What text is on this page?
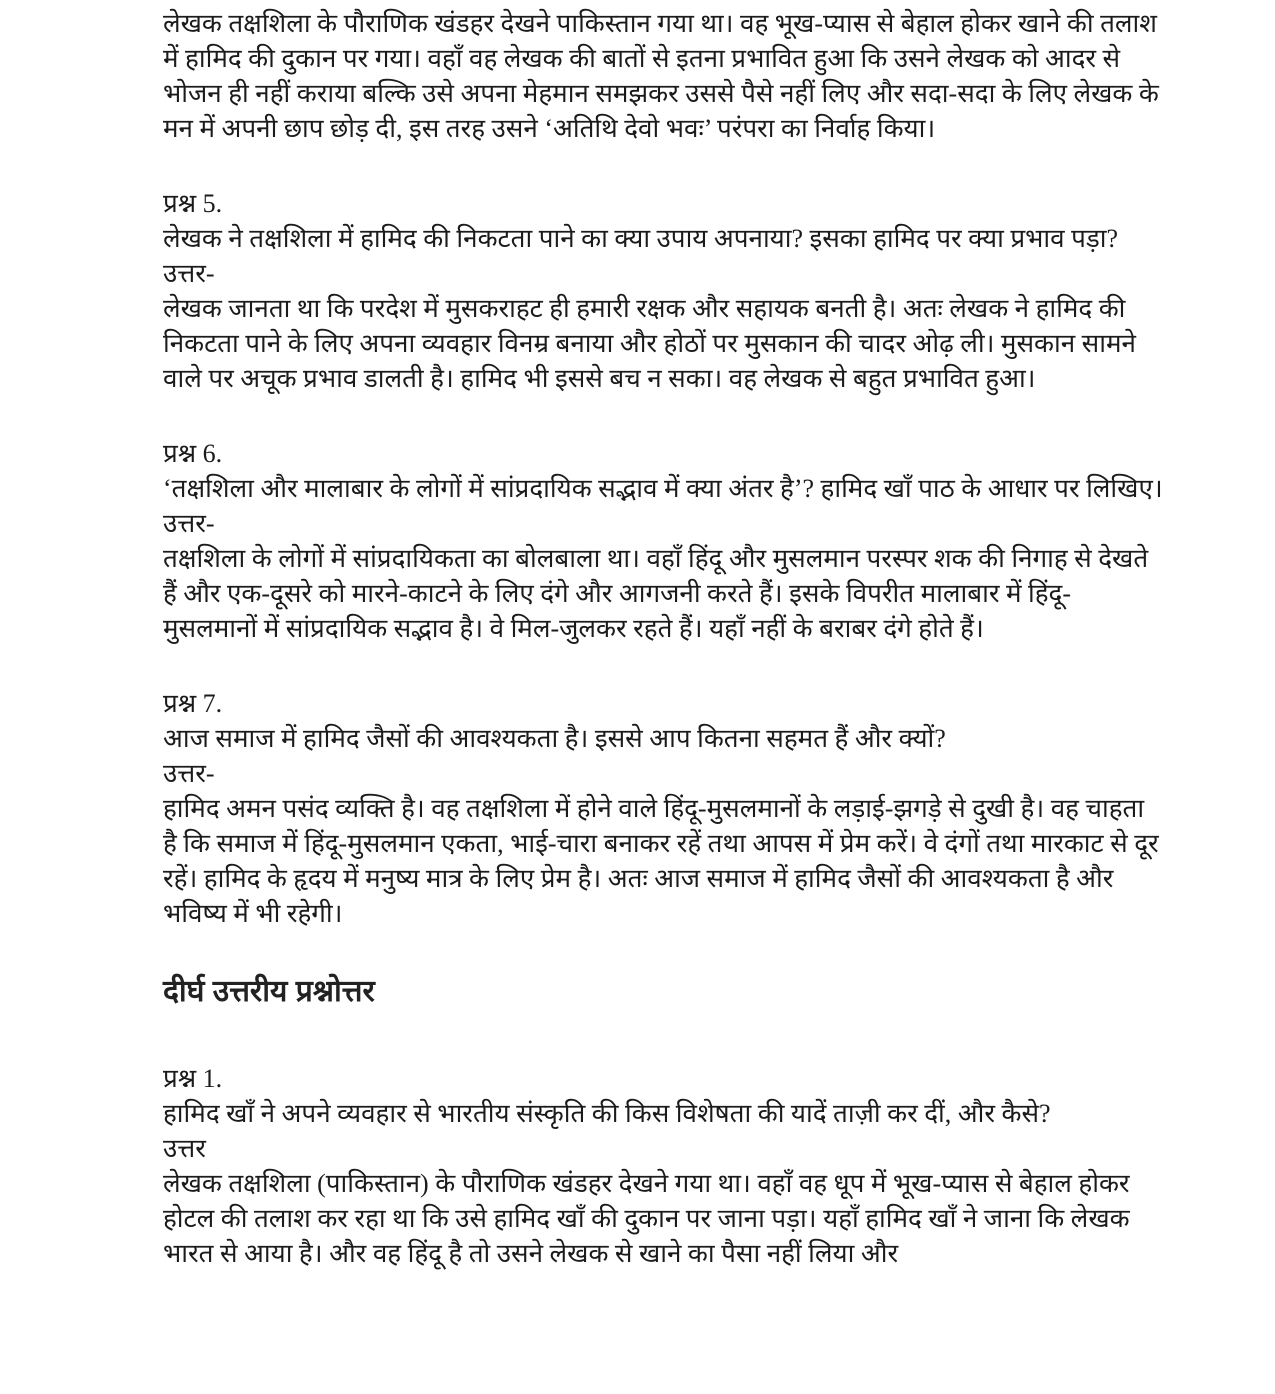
लेखक तक्षशिला के पौराणिक खंडहर देखने पाकिस्तान गया था। वह भूख-प्यास से बेहाल होकर खाने की तलाश में हामिद की दुकान पर गया। वहाँ वह लेखक की बातों से इतना प्रभावित हुआ कि उसने लेखक को आदर से भोजन ही नहीं कराया बल्कि उसे अपना मेहमान समझकर उससे पैसे नहीं लिए और सदा-सदा के लिए लेखक के मन में अपनी छाप छोड़ दी, इस तरह उसने ‘अतिथि देवो भवः’ परंपरा का निर्वाह किया।

प्रश्न 5.
लेखक ने तक्षशिला में हामिद की निकटता पाने का क्या उपाय अपनाया? इसका हामिद पर क्या प्रभाव पड़ा?
उत्तर-
लेखक जानता था कि परदेश में मुसकराहट ही हमारी रक्षक और सहायक बनती है। अतः लेखक ने हामिद की निकटता पाने के लिए अपना व्यवहार विनम्र बनाया और होठों पर मुसकान की चादर ओढ़ ली। मुसकान सामने वाले पर अचूक प्रभाव डालती है। हामिद भी इससे बच न सका। वह लेखक से बहुत प्रभावित हुआ।

प्रश्न 6.
‘तक्षशिला और मालाबार के लोगों में सांप्रदायिक सद्भाव में क्या अंतर है’? हामिद खाँ पाठ के आधार पर लिखिए।
उत्तर-
तक्षशिला के लोगों में सांप्रदायिकता का बोलबाला था। वहाँ हिंदू और मुसलमान परस्पर शक की निगाह से देखते हैं और एक-दूसरे को मारने-काटने के लिए दंगे और आगजनी करते हैं। इसके विपरीत मालाबार में हिंदू-मुसलमानों में सांप्रदायिक सद्भाव है। वे मिल-जुलकर रहते हैं। यहाँ नहीं के बराबर दंगे होते हैं।

प्रश्न 7.
आज समाज में हामिद जैसों की आवश्यकता है। इससे आप कितना सहमत हैं और क्यों?
उत्तर-
हामिद अमन पसंद व्यक्ति है। वह तक्षशिला में होने वाले हिंदू-मुसलमानों के लड़ाई-झगड़े से दुखी है। वह चाहता है कि समाज में हिंदू-मुसलमान एकता, भाई-चारा बनाकर रहें तथा आपस में प्रेम करें। वे दंगों तथा मारकाट से दूर रहें। हामिद के हृदय में मनुष्य मात्र के लिए प्रेम है। अतः आज समाज में हामिद जैसों की आवश्यकता है और भविष्य में भी रहेगी।

दीर्घ उत्तरीय प्रश्नोत्तर

प्रश्न 1.
हामिद खाँ ने अपने व्यवहार से भारतीय संस्कृति की किस विशेषता की यादें ताज़ी कर दीं, और कैसे?
उत्तर
लेखक तक्षशिला (पाकिस्तान) के पौराणिक खंडहर देखने गया था। वहाँ वह धूप में भूख-प्यास से बेहाल होकर होटल की तलाश कर रहा था कि उसे हामिद खाँ की दुकान पर जाना पड़ा। यहाँ हामिद खाँ ने जाना कि लेखक भारत से आया है। और वह हिंदू है तो उसने लेखक से खाने का पैसा नहीं लिया और
